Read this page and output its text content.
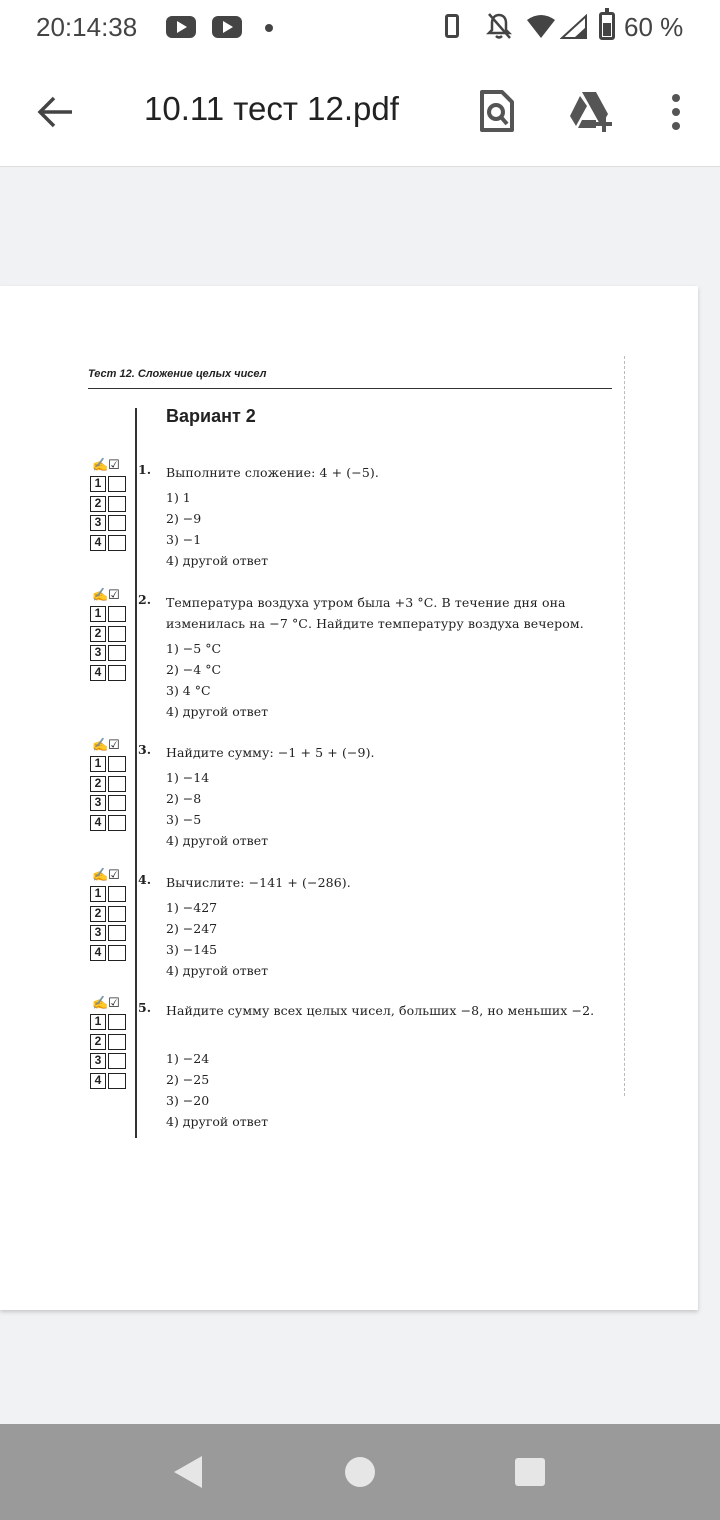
20:14:38	60 %
10.11 тест 12.pdf
Тест 12. Сложение целых чисел
Вариант 2
✍☑
1
2
3
4
1. Выполните сложение: 4 + (−5).
1) 1
2) −9
3) −1
4) другой ответ
✍☑
1
2
3
4
2. Температура воздуха утром была +3 °С. В течение дня она изменилась на −7 °С. Найдите температуру воздуха вечером.
1) −5 °С
2) −4 °С
3) 4 °С
4) другой ответ
✍☑
1
2
3
4
3. Найдите сумму: −1 + 5 + (−9).
1) −14
2) −8
3) −5
4) другой ответ
✍☑
1
2
3
4
4. Вычислите: −141 + (−286).
1) −427
2) −247
3) −145
4) другой ответ
✍☑
1
2
3
4
5. Найдите сумму всех целых чисел, больших −8, но меньших −2.
1) −24
2) −25
3) −20
4) другой ответ
